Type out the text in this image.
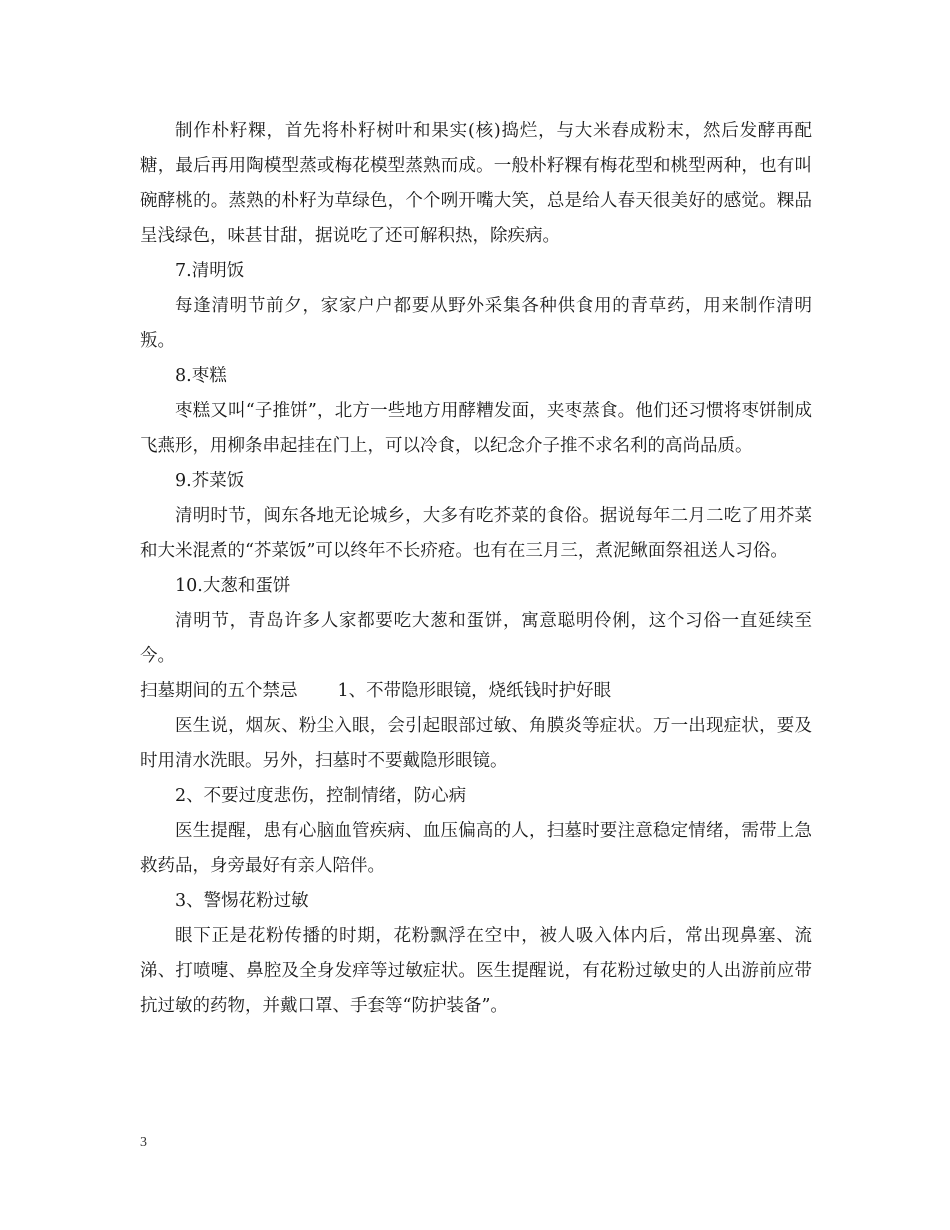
制作朴籽粿，首先将朴籽树叶和果实(核)捣烂，与大米舂成粉末，然后发酵再配糖，最后再用陶模型蒸或梅花模型蒸熟而成。一般朴籽粿有梅花型和桃型两种，也有叫碗酵桃的。蒸熟的朴籽为草绿色，个个咧开嘴大笑，总是给人春天很美好的感觉。粿品呈浅绿色，味甚甘甜，据说吃了还可解积热，除疾病。

7.清明饭

每逢清明节前夕，家家户户都要从野外采集各种供食用的青草药，用来制作清明叛。

8.枣糕

枣糕又叫“子推饼”，北方一些地方用酵糟发面，夹枣蒸食。他们还习惯将枣饼制成飞燕形，用柳条串起挂在门上，可以冷食，以纪念介子推不求名利的高尚品质。

9.芥菜饭

清明时节，闽东各地无论城乡，大多有吃芥菜的食俗。据说每年二月二吃了用芥菜和大米混煮的“芥菜饭”可以终年不长疥疮。也有在三月三，煮泥鳅面祭祖送人习俗。

10.大葱和蛋饼

清明节，青岛许多人家都要吃大葱和蛋饼，寓意聪明伶俐，这个习俗一直延续至今。

扫墓期间的五个禁忌 1、不带隐形眼镜，烧纸钱时护好眼

医生说，烟灰、粉尘入眼，会引起眼部过敏、角膜炎等症状。万一出现症状，要及时用清水洗眼。另外，扫墓时不要戴隐形眼镜。

2、不要过度悲伤，控制情绪，防心病

医生提醒，患有心脑血管疾病、血压偏高的人，扫墓时要注意稳定情绪，需带上急救药品，身旁最好有亲人陪伴。

3、警惕花粉过敏

眼下正是花粉传播的时期，花粉飘浮在空中，被人吸入体内后，常出现鼻塞、流涕、打喷嚏、鼻腔及全身发痒等过敏症状。医生提醒说，有花粉过敏史的人出游前应带抗过敏的药物，并戴口罩、手套等“防护装备”。

3
